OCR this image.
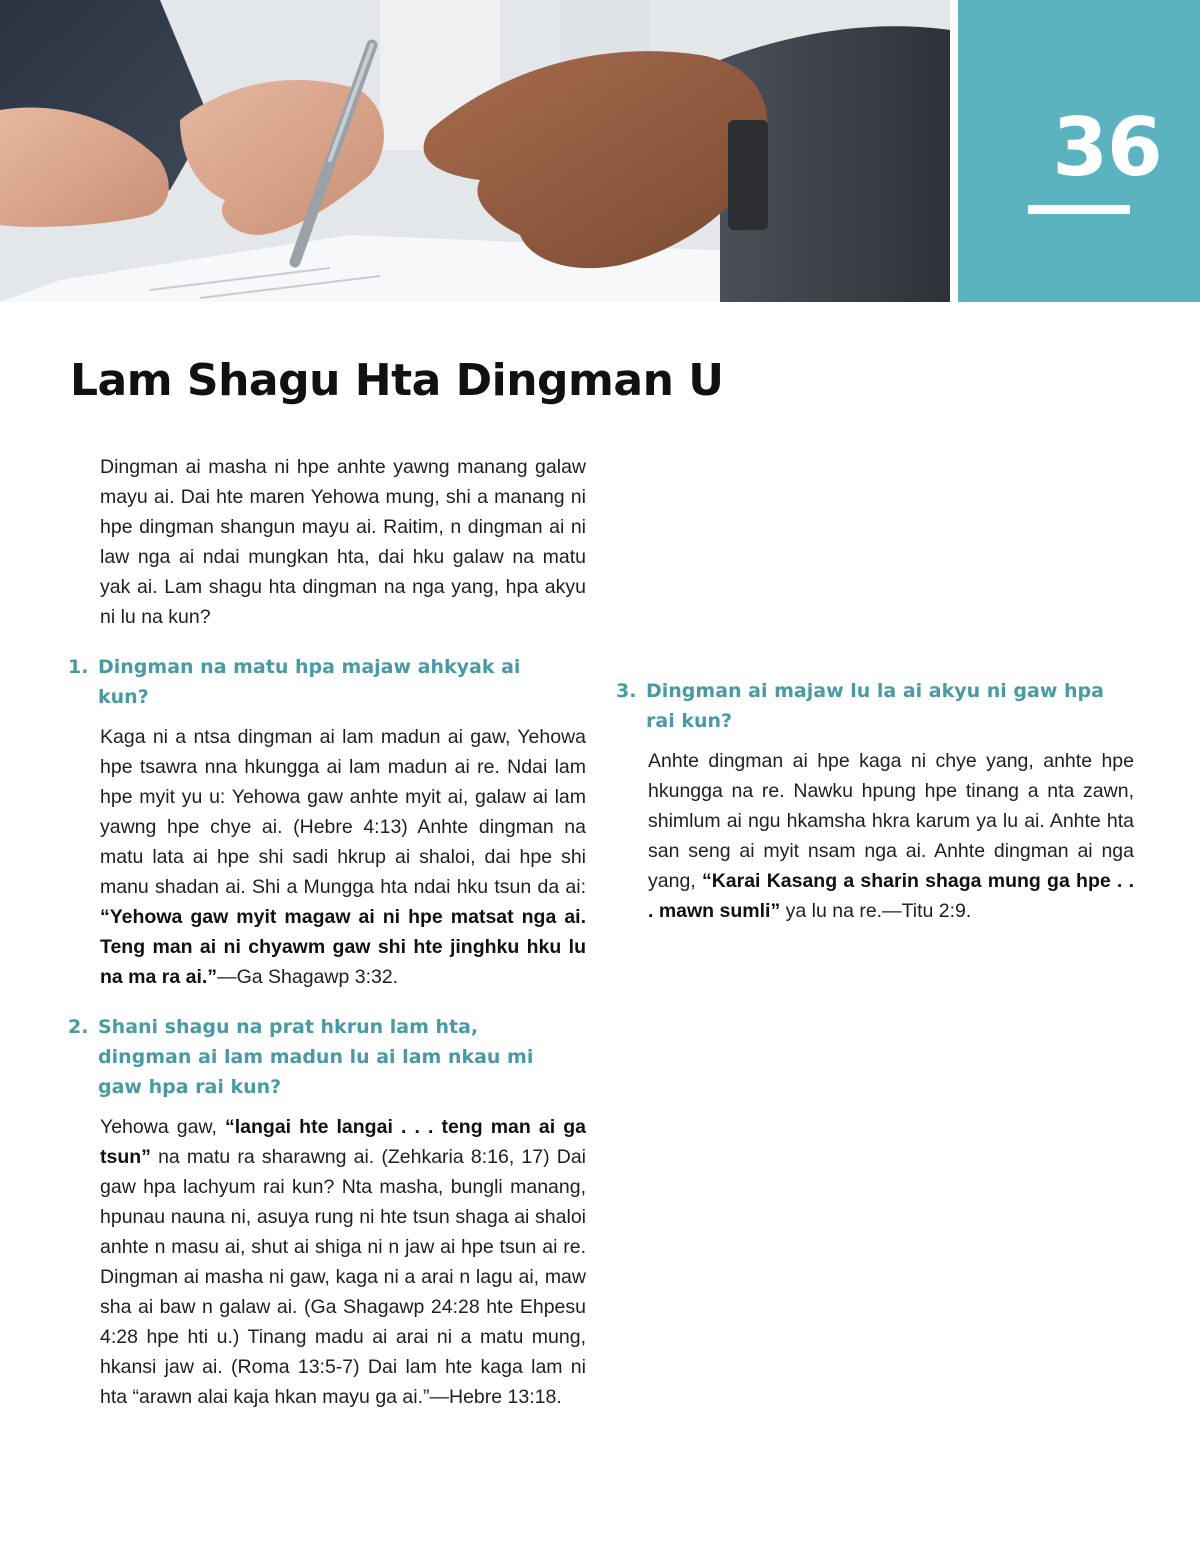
36
Lam Shagu Hta Dingman U

Dingman ai masha ni hpe anhte yawng manang galaw mayu ai. Dai hte maren Yehowa mung, shi a manang ni hpe dingman shangun mayu ai. Raitim, n dingman ai ni law nga ai ndai mungkan hta, dai hku galaw na matu yak ai. Lam shagu hta dingman na nga yang, hpa akyu ni lu na kun?

1. Dingman na matu hpa majaw ahkyak ai kun?

Kaga ni a ntsa dingman ai lam madun ai gaw, Yehowa hpe tsawra nna hkungga ai lam madun ai re. Ndai lam hpe myit yu u: Yehowa gaw anhte myit ai, galaw ai lam yawng hpe chye ai. (Hebre 4:13) Anhte dingman na matu lata ai hpe shi sadi hkrup ai shaloi, dai hpe shi manu shadan ai. Shi a Mungga hta ndai hku tsun da ai: “Yehowa gaw myit magaw ai ni hpe matsat nga ai. Teng man ai ni chyawm gaw shi hte jinghku hku lu na ma ra ai.”—Ga Shagawp 3:32.

2. Shani shagu na prat hkrun lam hta, dingman ai lam madun lu ai lam nkau mi gaw hpa rai kun?

Yehowa gaw, “langai hte langai . . . teng man ai ga tsun” na matu ra sharawng ai. (Zehkaria 8:16, 17) Dai gaw hpa lachyum rai kun? Nta masha, bungli manang, hpunau nauna ni, asuya rung ni hte tsun shaga ai shaloi anhte n masu ai, shut ai shiga ni n jaw ai hpe tsun ai re. Dingman ai masha ni gaw, kaga ni a arai n lagu ai, maw sha ai baw n galaw ai. (Ga Shagawp 24:28 hte Ehpesu 4:28 hpe hti u.) Tinang madu ai arai ni a matu mung, hkansi jaw ai. (Roma 13:5-7) Dai lam hte kaga lam ni hta “arawn alai kaja hkan mayu ga ai.”—Hebre 13:18.

3. Dingman ai majaw lu la ai akyu ni gaw hpa rai kun?

Anhte dingman ai hpe kaga ni chye yang, anhte hpe hkungga na re. Nawku hpung hpe tinang a nta zawn, shimlum ai ngu hkamsha hkra karum ya lu ai. Anhte hta san seng ai myit nsam nga ai. Anhte dingman ai nga yang, “Karai Kasang a sharin shaga mung ga hpe . . . mawn sumli” ya lu na re.—Titu 2:9.
